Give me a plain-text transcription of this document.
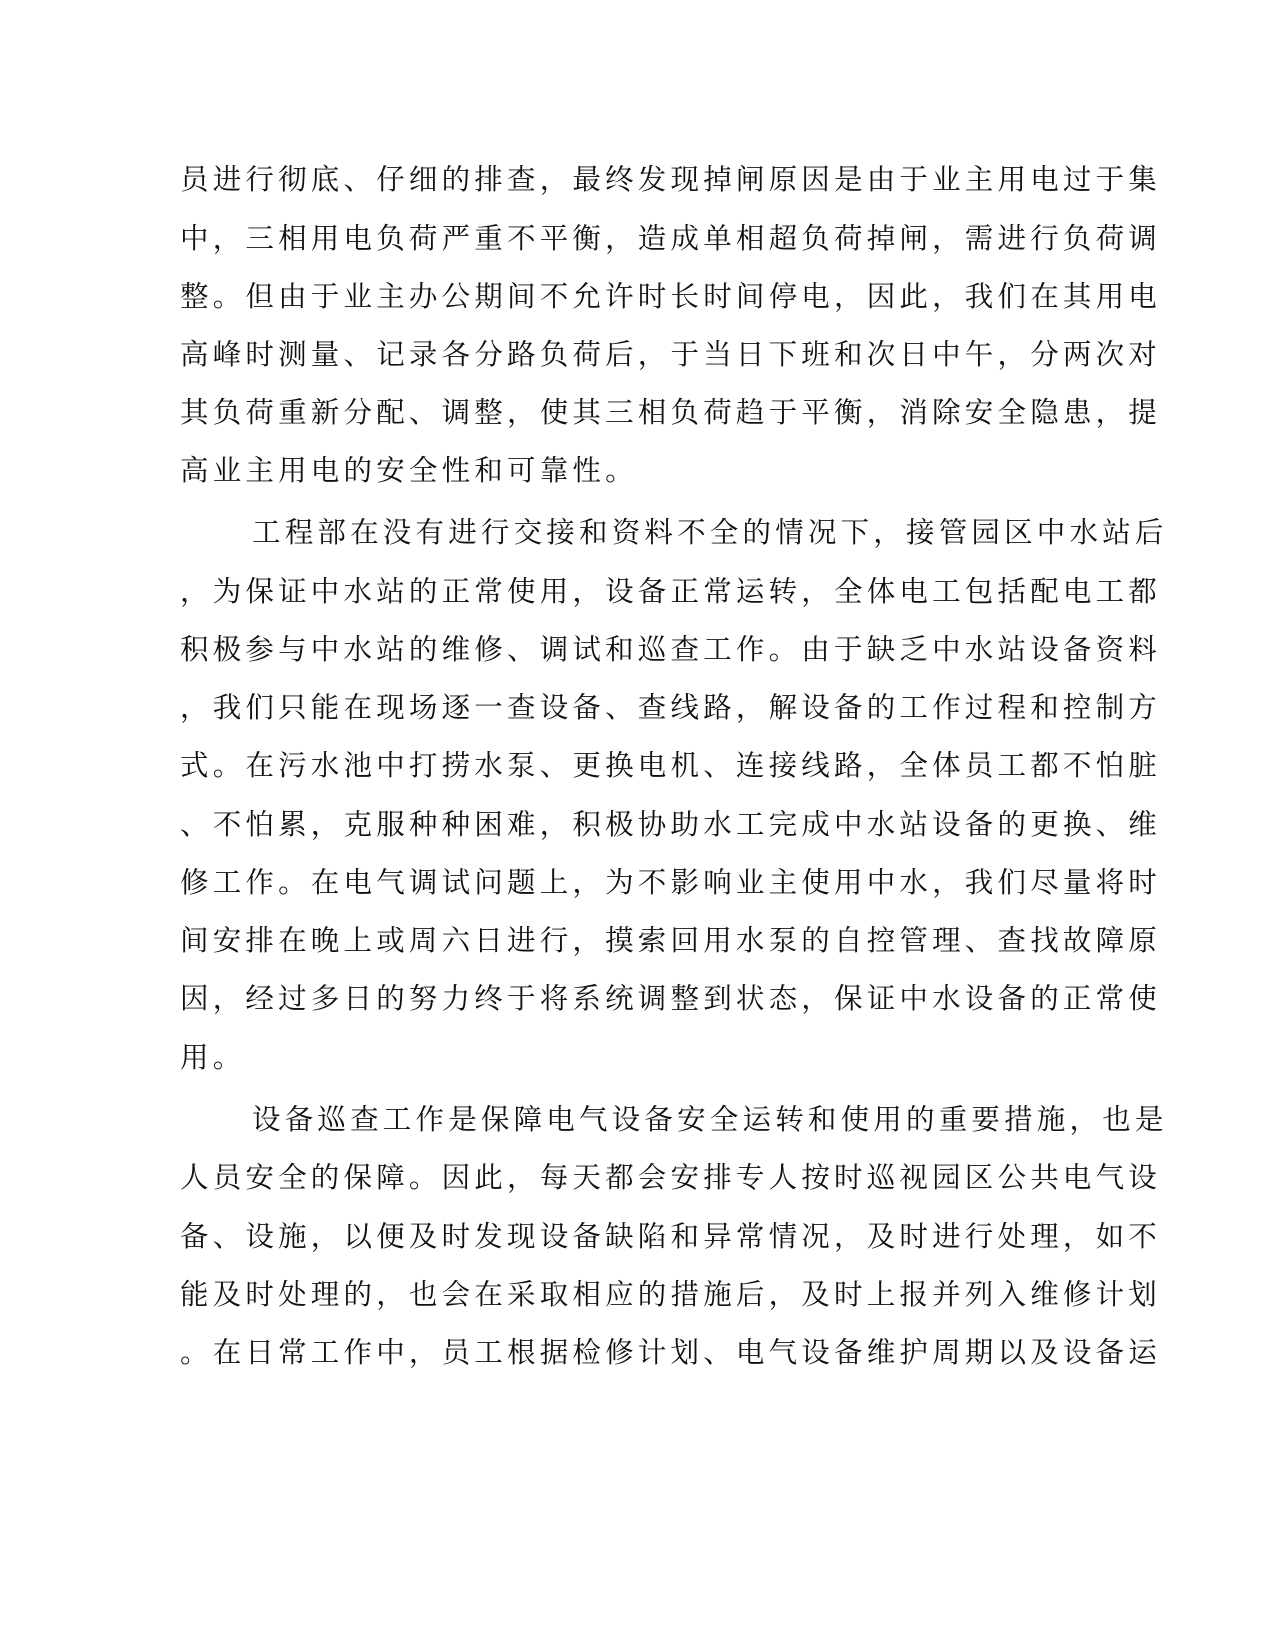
员进行彻底、仔细的排查，最终发现掉闸原因是由于业主用电过于集
中，三相用电负荷严重不平衡，造成单相超负荷掉闸，需进行负荷调
整。但由于业主办公期间不允许时长时间停电，因此，我们在其用电
高峰时测量、记录各分路负荷后，于当日下班和次日中午，分两次对
其负荷重新分配、调整，使其三相负荷趋于平衡，消除安全隐患，提
高业主用电的安全性和可靠性。
工程部在没有进行交接和资料不全的情况下，接管园区中水站后
，为保证中水站的正常使用，设备正常运转，全体电工包括配电工都
积极参与中水站的维修、调试和巡查工作。由于缺乏中水站设备资料
，我们只能在现场逐一查设备、查线路，解设备的工作过程和控制方
式。在污水池中打捞水泵、更换电机、连接线路，全体员工都不怕脏
、不怕累，克服种种困难，积极协助水工完成中水站设备的更换、维
修工作。在电气调试问题上，为不影响业主使用中水，我们尽量将时
间安排在晚上或周六日进行，摸索回用水泵的自控管理、查找故障原
因，经过多日的努力终于将系统调整到状态，保证中水设备的正常使
用。
设备巡查工作是保障电气设备安全运转和使用的重要措施，也是
人员安全的保障。因此，每天都会安排专人按时巡视园区公共电气设
备、设施，以便及时发现设备缺陷和异常情况，及时进行处理，如不
能及时处理的，也会在采取相应的措施后，及时上报并列入维修计划
。在日常工作中，员工根据检修计划、电气设备维护周期以及设备运
